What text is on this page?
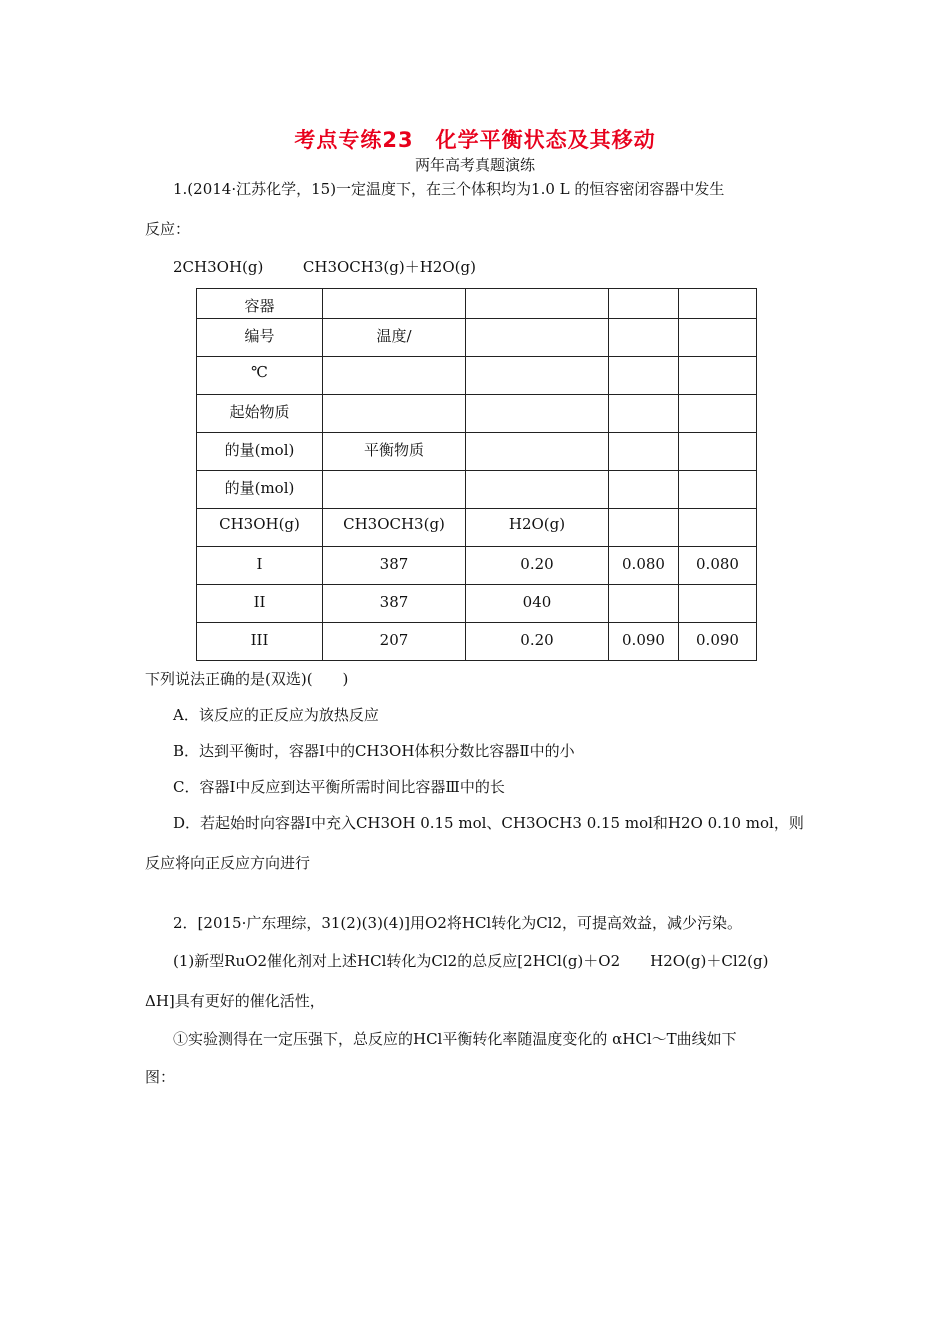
考点专练23　化学平衡状态及其移动
两年高考真题演练
1.(2014·江苏化学，15)一定温度下，在三个体积均为1.0 L 的恒容密闭容器中发生
反应：
2CH3OH(g)	CH3OCH3(g)＋H2O(g)
容器				
编号	温度/			
℃				
起始物质				
的量(mol)	平衡物质			
的量(mol)				
CH3OH(g)	CH3OCH3(g)	H2O(g)		
I	387	0.20	0.080	0.080
II	387	040		
III	207	0.20	0.090	0.090
下列说法正确的是(双选)(　　)
A．该反应的正反应为放热反应
B．达到平衡时，容器Ⅰ中的CH3OH体积分数比容器Ⅱ中的小
C．容器Ⅰ中反应到达平衡所需时间比容器Ⅲ中的长
D．若起始时向容器Ⅰ中充入CH3OH 0.15 mol、CH3OCH3 0.15 mol和H2O 0.10 mol，则
反应将向正反应方向进行
2．[2015·广东理综，31(2)(3)(4)]用O2将HCl转化为Cl2，可提高效益，减少污染。
(1)新型RuO2催化剂对上述HCl转化为Cl2的总反应[2HCl(g)＋O2　　H2O(g)＋Cl2(g)
ΔH]具有更好的催化活性，
①实验测得在一定压强下，总反应的HCl平衡转化率随温度变化的 αHCl～T曲线如下
图：
